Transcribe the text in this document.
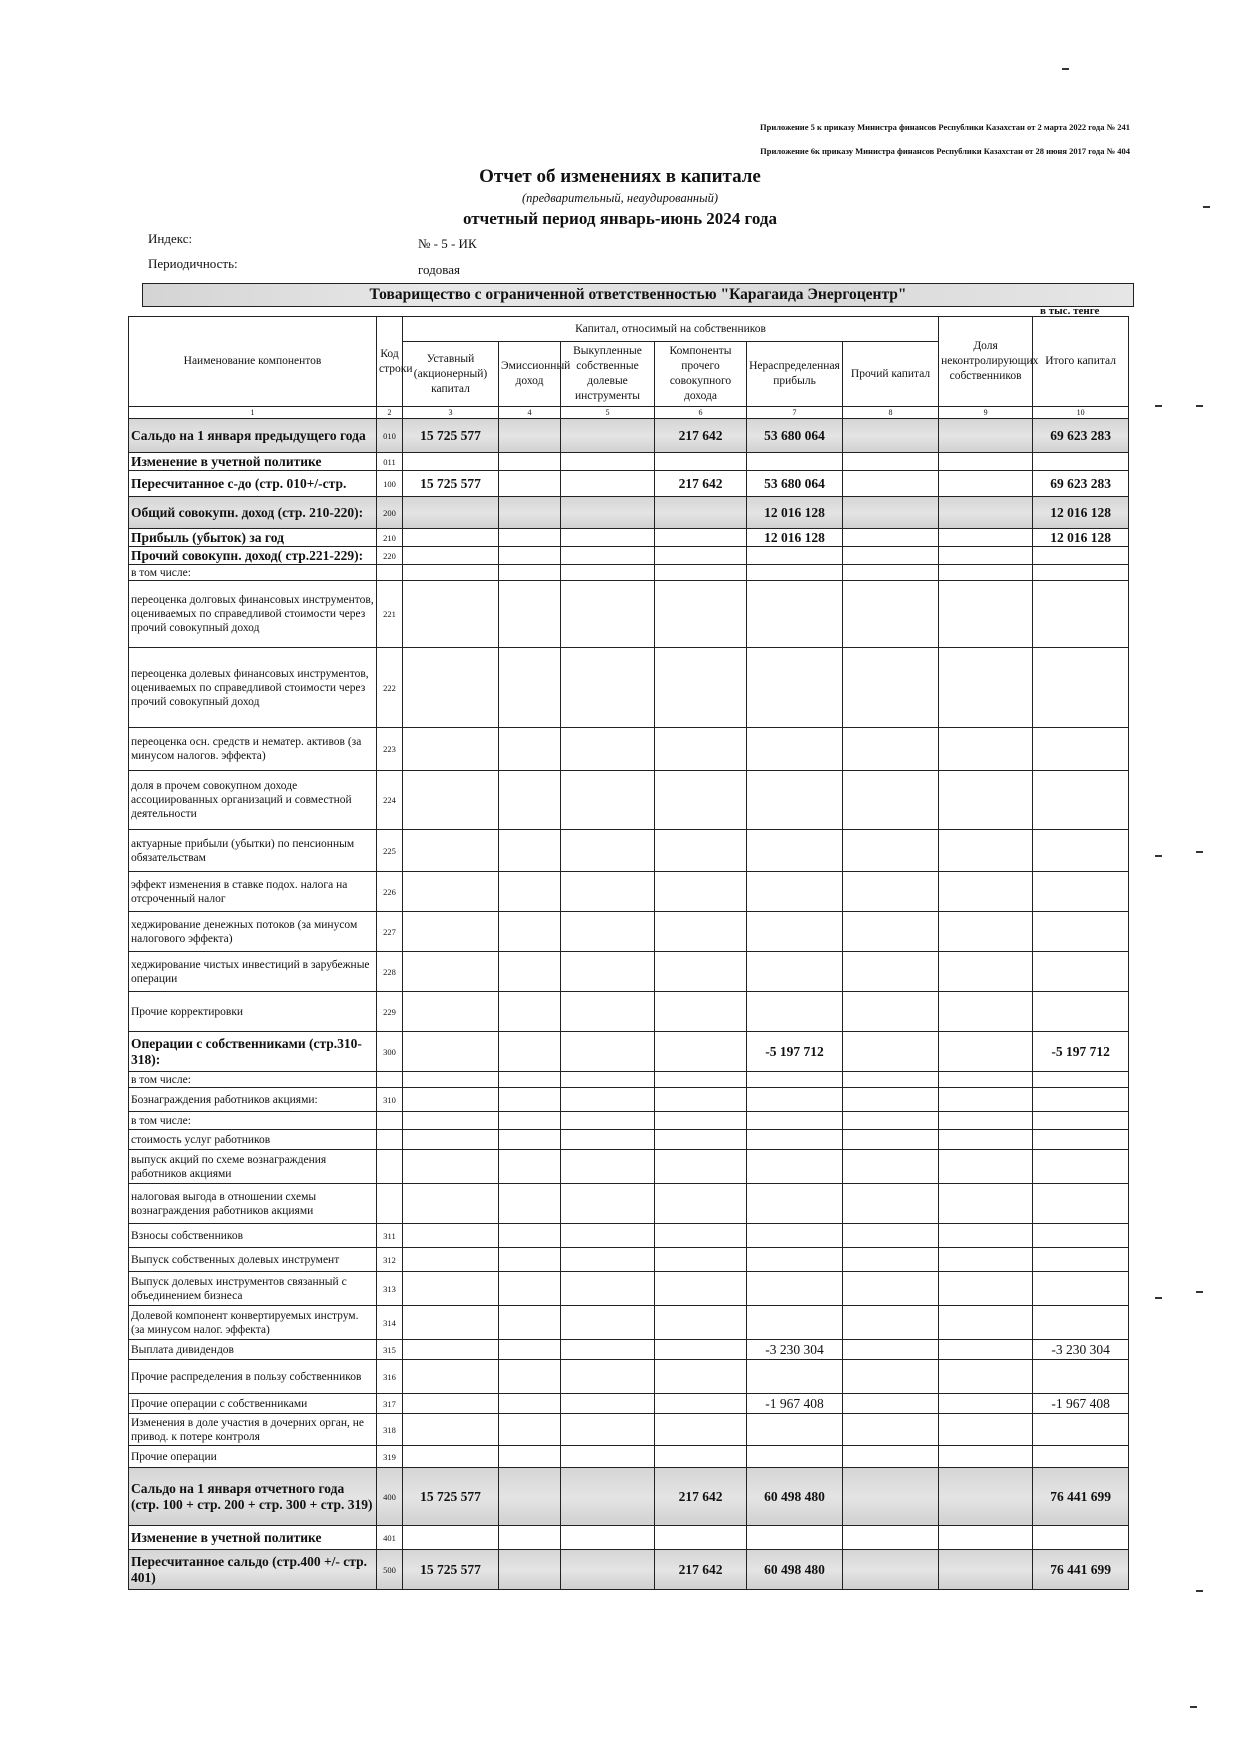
Приложение 5 к приказу Министра финансов Республики Казахстан от 2 марта 2022 года № 241
Приложение 6к приказу Министра финансов Республики Казахстан от 28 июня 2017 года № 404
Отчет об изменениях в капитале
(предварительный, неаудированный)
отчетный период январь-июнь 2024 года
Индекс:	№ - 5 - ИК
Периодичность:	годовая
Товарищество с ограниченной ответственностью "Карагаида Энергоцентр"
в тыс. тенге
Наименование компонентов	Код строки	Капитал, относимый на собственников						Доля неконтролирующих собственников	Итого капитал
		Уставный (акционерный) капитал	Эмиссионный доход	Выкупленные собственные долевые инструменты	Компоненты прочего совокупного дохода	Нераспределенная прибыль	Прочий капитал		
1	2	3	4	5	6	7	8	9	10
Сальдо на 1 января предыдущего года	010	15 725 577			217 642	53 680 064			69 623 283
Изменение в учетной политике	011								
Пересчитанное с-до (стр. 010+/-стр.	100	15 725 577			217 642	53 680 064			69 623 283
Общий совокупн. доход (стр. 210-220):	200					12 016 128			12 016 128
Прибыль (убыток) за год	210					12 016 128			12 016 128
Прочий совокупн. доход( стр.221-229):	220								
в том числе:									
переоценка долговых финансовых инструментов, оцениваемых по справедливой стоимости через прочий совокупный доход	221								
переоценка долевых финансовых инструментов, оцениваемых по справедливой стоимости через прочий совокупный доход	222								
переоценка осн. средств и нематер. активов (за минусом налогов. эффекта)	223								
доля в прочем совокупном доходе ассоциированных организаций и совместной деятельности	224								
актуарные прибыли (убытки) по пенсионным обязательствам	225								
эффект изменения в ставке подох. налога на отсроченный налог	226								
хеджирование денежных потоков (за минусом налогового эффекта)	227								
хеджирование чистых инвестиций в зарубежные операции	228								
Прочие корректировки	229								
Операции с собственниками (стр.310-318):	300					-5 197 712			-5 197 712
в том числе:									
Бознаграждения работников акциями:	310								
в том числе:									
стоимость услуг работников									
выпуск акций по схеме вознаграждения работников акциями									
налоговая выгода в отношении схемы вознаграждения работников акциями									
Взносы собственников	311								
Выпуск собственных долевых инструмент	312								
Выпуск долевых инструментов связанный с объединением бизнеса	313								
Долевой компонент конвертируемых инструм. (за минусом налог. эффекта)	314								
Выплата дивидендов	315					-3 230 304			-3 230 304
Прочие распределения в пользу собственников	316								
Прочие операции с собственниками	317					-1 967 408			-1 967 408
Изменения в доле участия в дочерних орган, не привод. к потере контроля	318								
Прочие операции	319								
Сальдо на 1 января отчетного года (стр. 100 + стр. 200 + стр. 300 + стр. 319)	400	15 725 577			217 642	60 498 480			76 441 699
Изменение в учетной политике	401								
Пересчитанное сальдо (стр.400 +/- стр. 401)	500	15 725 577			217 642	60 498 480			76 441 699
